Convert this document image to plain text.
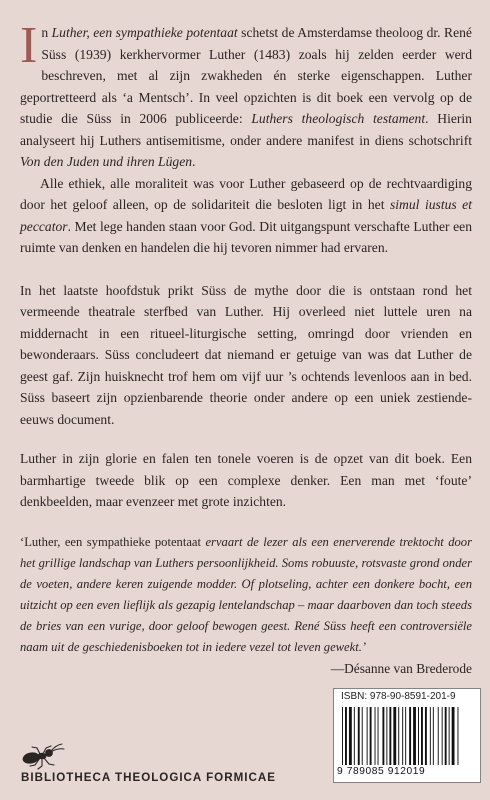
In Luther, een sympathieke potentaat schetst de Amsterdamse theoloog dr. René Süss (1939) kerkhervormer Luther (1483) zoals hij zelden eerder werd beschreven, met al zijn zwakheden én sterke eigenschappen. Luther geportretteerd als ‘a Mentsch’. In veel opzichten is dit boek een vervolg op de studie die Süss in 2006 publiceerde: Luthers theologisch testament. Hierin analyseert hij Luthers antisemitisme, onder andere manifest in diens schotschrift Von den Juden und ihren Lügen.

Alle ethiek, alle moraliteit was voor Luther gebaseerd op de rechtvaardiging door het geloof alleen, op de solidariteit die besloten ligt in het simul iustus et peccator. Met lege handen staan voor God. Dit uitgangspunt verschafte Luther een ruimte van denken en handelen die hij tevoren nimmer had ervaren.

In het laatste hoofdstuk prikt Süss de mythe door die is ontstaan rond het vermeende theatrale sterfbed van Luther. Hij overleed niet luttele uren na middernacht in een ritueel-liturgische setting, omringd door vrienden en bewonderaars. Süss concludeert dat niemand er getuige van was dat Luther de geest gaf. Zijn huisknecht trof hem om vijf uur ’s ochtends levenloos aan in bed. Süss baseert zijn opzienbarende theorie onder andere op een uniek zestiende-eeuws document.

Luther in zijn glorie en falen ten tonele voeren is de opzet van dit boek. Een barmhartige tweede blik op een complexe denker. Een man met ‘foute’ denkbeelden, maar evenzeer met grote inzichten.

‘Luther, een sympathieke potentaat ervaart de lezer als een enerverende trektocht door het grillige landschap van Luthers persoonlijkheid. Soms robuuste, rotsvaste grond onder de voeten, andere keren zuigende modder. Of plotseling, achter een donkere bocht, een uitzicht op een even lieflijk als gezapig lentelandschap – maar daarboven dan toch steeds de bries van een vurige, door geloof bewogen geest. René Süss heeft een controversiële naam uit de geschiedenisboeken tot in iedere vezel tot leven gewekt.’

—Désanne van Brederode

ISBN: 978-90-8591-201-9
9 789085 912019
BIBLIOTHECA THEOLOGICA FORMICAE
